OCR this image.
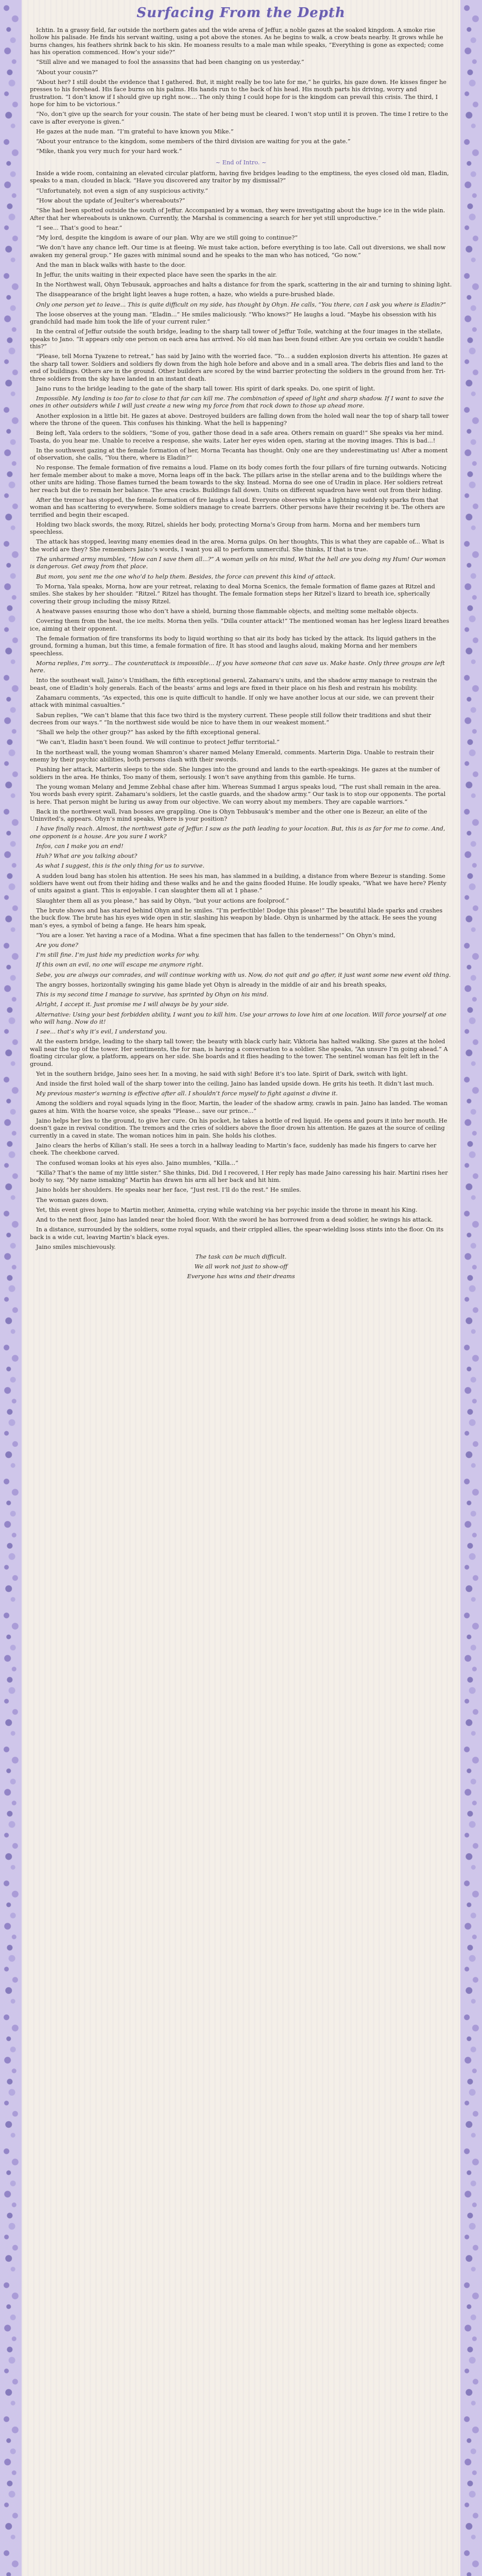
Surfacing From the Depth

Ichtin. In a grassy field, far outside the northern gates and the wide arena of Jeffur, a noble gazes at the soaked kingdom. A smoke rise hollow his palisade. He finds his servant waiting, using a pot above the stones. As he begins to walk, a crow beats nearby. It grows while he burns changes, his feathers shrink back to his skin. He moaness results to a male man while speaks, “Everything is gone as expected; come has his operation commenced. How’s your side?”

“Still alive and we managed to fool the assassins that had been changing on us yesterday.”

“About your cousin?”

“About her? I still doubt the evidence that I gathered. But, it might really be too late for me,” he quirks, his gaze down. He kisses finger he presses to his forehead. His face burns on his palms. His hands run to the back of his head. His mouth parts his driving, worry and frustration. “I don’t know if I should give up right now.... The only thing I could hope for is the kingdom can prevail this crisis. The third, I hope for him to be victorious.”

“No, don’t give up the search for your cousin. The state of her being must be cleared. I won’t stop until it is proven. The time I retire to the cave is after everyone is given.”

He gazes at the nude man. “I’m grateful to have known you Mike.”

“About your entrance to the kingdom, some members of the third division are waiting for you at the gate.”

“Mike, thank you very much for your hard work.”

~ End of Intro. ~

Inside a wide room, containing an elevated circular platform, having five bridges leading to the emptiness, the eyes closed old man, Eladin, speaks to a man, clouded in black. “Have you discovered any traitor by my dismissal?”

“Unfortunately, not even a sign of any suspicious activity.”

“How about the update of Jeulter’s whereabouts?”

“She had been spotted outside the south of Jeffur. Accompanied by a woman, they were investigating about the huge ice in the wide plain. After that her whereabouts is unknown. Currently, the Marshal is commencing a search for her yet still unproductive.”

“I see... That’s good to hear.”

“My lord, despite the kingdom is aware of our plan. Why are we still going to continue?”

“We don’t have any chance left. Our time is at fleeing. We must take action, before everything is too late. Call out diversions, we shall now awaken my general group.” He gazes with minimal sound and he speaks to the man who has noticed, “Go now.”

And the man in black walks with haste to the door.

In Jeffur, the units waiting in their expected place have seen the sparks in the air.

In the Northwest wall, Ohyn Tebusauk, approaches and halts a distance for from the spark, scattering in the air and turning to shining light.

The disappearance of the bright light leaves a huge rotten, a haze, who wields a pure-brushed blade.

Only one person yet to leave... This is quite difficult on my side, has thought by Ohyn. He calls, “You there, can I ask you where is Eladin?”

The loose observes at the young man. “Eladin...” He smiles maliciously. “Who knows?” He laughs a loud. “Maybe his obsession with his grandchild had made him took the life of your current ruler.”

In the central of Jeffur outside the south bridge, leading to the sharp tall tower of Jeffur Toile, watching at the four images in the stellate, speaks to Jano. “It appears only one person on each area has arrived. No old man has been found either. Are you certain we couldn’t handle this?”

“Please, tell Morna Tyazene to retreat,” has said by Jaino with the worried face. “To... a sudden explosion diverts his attention. He gazes at the sharp tall tower. Soldiers and soldiers fly down from the high hole before and above and in a small area. The debris flies and land to the end of buildings. Others are in the ground. Other builders are scored by the wind barrier protecting the soldiers in the ground from her. Tri-three soldiers from the sky have landed in an instant death.

Jaino runs to the bridge leading to the gate of the sharp tall tower. His spirit of dark speaks. Do, one spirit of light.

Impossible. My landing is too far to close to that far can kill me. The combination of speed of light and sharp shadow. If I want to save the ones in other outsiders while I will just create a new wing my force from that rock down to those up ahead more.

Another explosion in a little bit. He gazes at above. Destroyed builders are falling down from the holed wall near the top of sharp tall tower where the throne of the queen. This confuses his thinking. What the hell is happening?

Being left, Yala orders to the soldiers, “Some of you, gather those dead in a safe area. Others remain on guard!” She speaks via her mind. Toasta, do you hear me. Unable to receive a response, she waits. Later her eyes widen open, staring at the moving images. This is bad...!

In the southwest gazing at the female formation of her, Morna Tecanta has thought. Only one are they underestimating us! After a moment of observation, she calls, “You there, where is Eladin?”

No response. The female formation of five remains a loud. Flame on its body comes forth the four pillars of fire turning outwards. Noticing her female member about to make a move, Morna leaps off in the back. The pillars arise in the stellar arena and to the buildings where the other units are hiding. Those flames turned the beam towards to the sky. Instead. Morna do see one of Uradin in place. Her soldiers retreat her reach but die to remain her balance. The area cracks. Buildings fall down. Units on different squadron have went out from their hiding.

After the tremor has stopped, the female formation of fire laughs a loud. Everyone observes while a lightning suddenly sparks from that woman and has scattering to everywhere. Some soldiers manage to create barriers. Other persons have their receiving it be. The others are terrified and begin their escaped.

Holding two black swords, the moxy, Ritzel, shields her body, protecting Morna’s Group from harm. Morna and her members turn speechless.

The attack has stopped, leaving many enemies dead in the area. Morna gulps. On her thoughts, This is what they are capable of... What is the world are they? She remembers Jaino’s words, I want you all to perform unmerciful. She thinks, If that is true.

The unharmed army mumbles, “How can I save them all...?” A woman yells on his mind, What the hell are you doing my Hum! Our woman is dangerous. Get away from that place.

But mom, you sent me the one who’d to help them. Besides, the force can prevent this kind of attack.

To Morna, Yala speaks, Morna, how are your retreat, relaxing to deal Morna Scenics, the female formation of flame gazes at Ritzel and smiles. She stakes by her shoulder. “Ritzel.” Ritzel has thought. The female formation steps her Ritzel’s lizard to breath ice, spherically covering their group including the missy Ritzel.

A heatwave passes ensuring those who don’t have a shield, burning those flammable objects, and melting some meltable objects.

Covering them from the heat, the ice melts. Morna then yells. “Dilla counter attack!” The mentioned woman has her legless lizard breathes ice, aiming at their opponent.

The female formation of fire transforms its body to liquid worthing so that air its body has ticked by the attack. Its liquid gathers in the ground, forming a human, but this time, a female formation of fire. It has stood and laughs aloud, making Morna and her members speechless.

Morna replies, I’m sorry... The counterattack is impossible... If you have someone that can save us. Make haste. Only three groups are left here.

Into the southeast wall, Jaino’s Umidham, the fifth exceptional general, Zahamaru’s units, and the shadow army manage to restrain the beast, one of Eladin’s holy generals. Each of the beasts’ arms and legs are fixed in their place on his flesh and restrain his mobility.

Zahamaru comments, “As expected, this one is quite difficult to handle. If only we have another locus at our side, we can prevent their attack with minimal casualties.”

Sabun replies, “We can’t blame that this face two third is the mystery current. These people still follow their traditions and shut their decrees from our ways.” “In the northwest side would be nice to have them in our weakest moment.”

“Shall we help the other group?” has asked by the fifth exceptional general.

“We can’t, Eladin hasn’t been found. We will continue to protect Jeffur territorial.”

In the northeast wall, the young woman Shamron’s sharer named Melany Emerald, comments. Marterin Diga. Unable to restrain their enemy by their psychic abilities, both persons clash with their swords.

Pushing her attack, Marterin sleeps to the side. She lunges into the ground and lands to the earth-speakings. He gazes at the number of soldiers in the area. He thinks, Too many of them, seriously. I won’t save anything from this gamble. He turns.

The young woman Melany and Jemme Zebhal chase after him. Whereas Summad I argus speaks loud, “The rust shall remain in the area. You words bash every spirit. Zahamaru’s soldiers, let the castle guards, and the shadow army.” Our task is to stop our opponents. The portal is here. That person might be luring us away from our objective. We can worry about my members. They are capable warriors.”

Back in the northwest wall, Ivan bosses are grappling. One is Ohyn Tebbusauk’s member and the other one is Bezeur, an elite of the Uninvited’s, appears. Ohyn’s mind speaks, Where is your position?

I have finally reach. Almost, the northwest gate of Jeffur. I saw as the path leading to your location. But, this is as far for me to come. And, one opponent is a house. Are you sure I work?

Infos, can I make you an end!

Huh? What are you talking about?

As what I suggest, this is the only thing for us to survive.

A sudden loud bang has stolen his attention. He sees his man, has slammed in a building, a distance from where Bezeur is standing. Some soldiers have went out from their hiding and these walks and he and the gains flooded Huine. He loudly speaks, “What we have here? Plenty of units against a giant. This is enjoyable. I can slaughter them all at 1 phase.”

Slaughter them all as you please,” has said by Ohyn, “but your actions are foolproof.”

The brute shows and has stared behind Ohyn and he smiles. “I’m perfectible! Dodge this please!” The beautiful blade sparks and crashes the buck flow. The brute has his eyes wide open in stir, slashing his weapon by blade. Ohyn is unharmed by the attack. He sees the young man’s eyes, a symbol of being a fange. He hears him speak,

“You are a loser. Yet having a race of a Modina. What a fine specimen that has fallen to the tenderness!” On Ohyn’s mind,

Are you done?

I’m still fine. I’m just hide my prediction works for why.

If this own an evil, no one will escape me anymore right.

Sebe, you are always our comrades, and will continue working with us. Now, do not quit and go after, it just want some new event old thing.

The angry bosses, horizontally swinging his game blade yet Ohyn is already in the middle of air and his breath speaks,

This is my second time I manage to survive, has sprinted by Ohyn on his mind.

Alright, I accept it. Just promise me I will always be by your side.

Alternative: Using your best forbidden ability, I want you to kill him. Use your arrows to love him at one location. Will force yourself at one who will hang. Now do it!

I see... that’s why it’s evil, I understand you.

At the eastern bridge, leading to the sharp tall tower; the beauty with black curly hair, Viktoria has halted walking. She gazes at the holed wall near the top of the tower. Her sentiments, the for man, is having a conversation to a soldier. She speaks, “An unsure I’m going ahead.” A floating circular glow, a platform, appears on her side. She boards and it flies heading to the tower. The sentinel woman has felt left in the ground.

Yet in the southern bridge, Jaino sees her. In a moving, he said with sigh! Before it’s too late. Spirit of Dark, switch with light.

And inside the first holed wall of the sharp tower into the ceiling, Jaino has landed upside down. He grits his teeth. It didn’t last much.

My previous master’s warning is effective after all. I shouldn’t force myself to fight against a divine it.

Among the soldiers and royal squads lying in the floor, Martin, the leader of the shadow army, crawls in pain. Jaino has landed. The woman gazes at him. With the hoarse voice, she speaks “Please... save our prince...”

Jaino helps her lies to the ground, to give her cure. On his pocket, he takes a bottle of red liquid. He opens and pours it into her mouth. He doesn’t gaze in revival condition. The tremors and the cries of soldiers above the floor drown his attention. He gazes at the source of ceiling currently in a caved in state. The woman notices him in pain. She holds his clothes.

Jaino clears the herbs of Kilian’s stall. He sees a torch in a hallway leading to Martin’s face, suddenly has made his fingers to carve her cheek. The cheekbone carved.

The confused woman looks at his eyes also. Jaino mumbles, “Killa...”

“Killa? That’s the name of my little sister.” She thinks, Did. Did I recovered, I Her reply has made Jaino caressing his hair. Martini rises her body to say, “My name ismaking” Martin has drawn his arm all her back and hit him.

Jaino holds her shoulders. He speaks near her face, “Just rest. I’ll do the rest.” He smiles.

The woman gazes down.

Yet, this event gives hope to Martin mother, Animetta, crying while watching via her psychic inside the throne in meant his King.

And to the next floor, Jaino has landed near the holed floor. With the sword he has borrowed from a dead soldier, he swings his attack.

In a distance, surrounded by the soldiers, some royal squads, and their crippled allies, the spear-wielding lsoss stints into the floor. On its back is a wide cut, leaving Martin’s black eyes.

Jaino smiles mischievously.

The task can be much difficult.

We all work not just to show-off

Everyone has wins and their dreams
